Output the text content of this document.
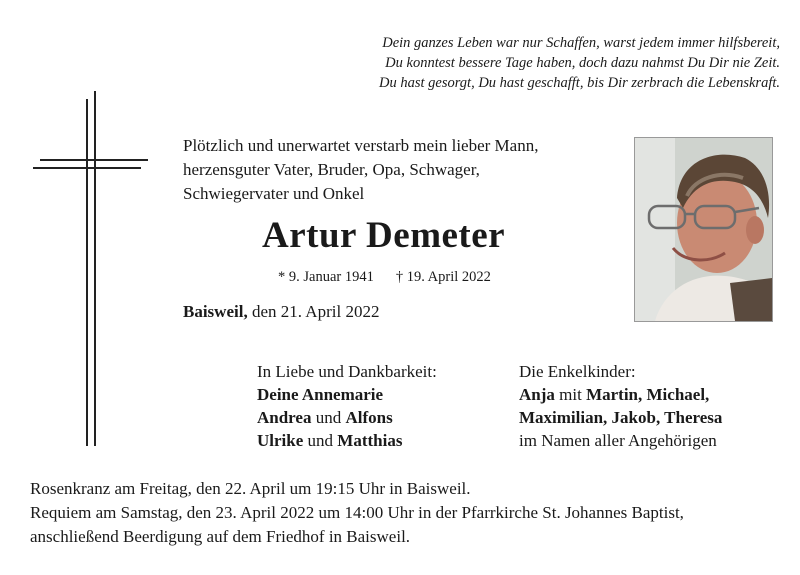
Dein ganzes Leben war nur Schaffen, warst jedem immer hilfsbereit,
Du konntest bessere Tage haben, doch dazu nahmst Du Dir nie Zeit.
Du hast gesorgt, Du hast geschafft, bis Dir zerbrach die Lebenskraft.
Plötzlich und unerwartet verstarb mein lieber Mann,
herzensguter Vater, Bruder, Opa, Schwager,
Schwiegervater und Onkel
Artur Demeter
* 9. Januar 1941 † 19. April 2022
Baisweil, den 21. April 2022
In Liebe und Dankbarkeit:
Deine Annemarie
Andrea und Alfons
Ulrike und Matthias
Die Enkelkinder:
Anja mit Martin, Michael,
Maximilian, Jakob, Theresa
im Namen aller Angehörigen
Rosenkranz am Freitag, den 22. April um 19:15 Uhr in Baisweil.
Requiem am Samstag, den 23. April 2022 um 14:00 Uhr in der Pfarrkirche St. Johannes Baptist,
anschließend Beerdigung auf dem Friedhof in Baisweil.
